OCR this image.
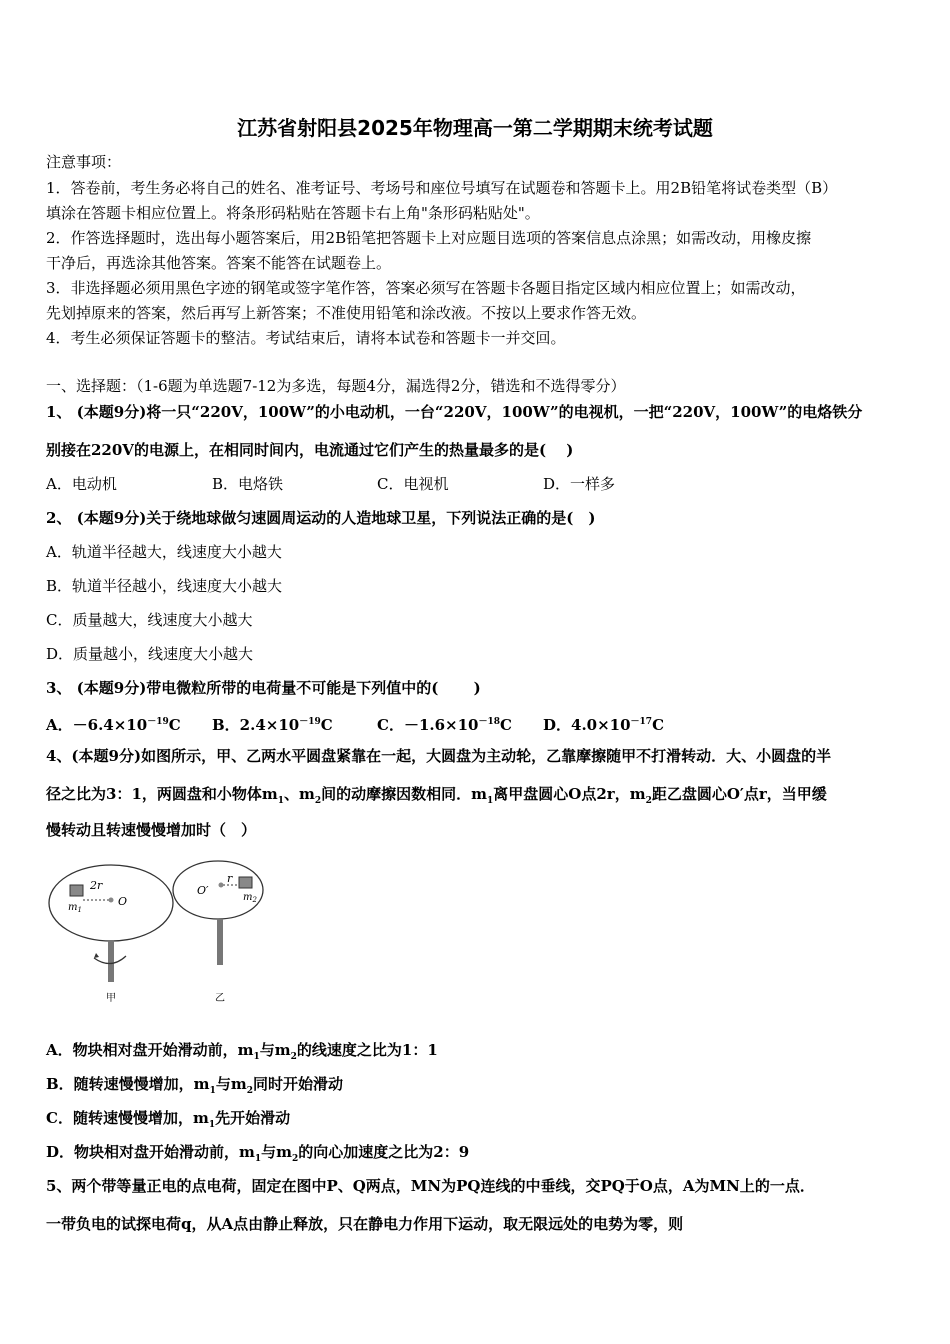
江苏省射阳县2025年物理高一第二学期期末统考试题
注意事项：
1．答卷前，考生务必将自己的姓名、准考证号、考场号和座位号填写在试题卷和答题卡上。用2B铅笔将试卷类型（B）
填涂在答题卡相应位置上。将条形码粘贴在答题卡右上角"条形码粘贴处"。
2．作答选择题时，选出每小题答案后，用2B铅笔把答题卡上对应题目选项的答案信息点涂黑；如需改动，用橡皮擦
干净后，再选涂其他答案。答案不能答在试题卷上。
3．非选择题必须用黑色字迹的钢笔或签字笔作答，答案必须写在答题卡各题目指定区域内相应位置上；如需改动，
先划掉原来的答案，然后再写上新答案；不准使用铅笔和涂改液。不按以上要求作答无效。
4．考生必须保证答题卡的整洁。考试结束后，请将本试卷和答题卡一并交回。
一、选择题：（1-6题为单选题7-12为多选，每题4分，漏选得2分，错选和不选得零分）
1、 (本题9分)将一只“220V，100W”的小电动机，一台“220V，100W”的电视机，一把“220V，100W”的电烙铁分
别接在220V的电源上，在相同时间内，电流通过它们产生的热量最多的是(　 )
A．电动机	B．电烙铁	C．电视机	D．一样多
2、 (本题9分)关于绕地球做匀速圆周运动的人造地球卫星，下列说法正确的是(　)
A．轨道半径越大，线速度大小越大
B．轨道半径越小，线速度大小越大
C．质量越大，线速度大小越大
D．质量越小，线速度大小越大
3、 (本题9分)带电微粒所带的电荷量不可能是下列值中的(　　 )
A．$-6.4\times 10^{-19}C$ B．$2.4\times 10^{-19}C$	C．$-1.6\times 10^{-18}C$ D．$4.0\times 10^{-17}C$
4、(本题9分)如图所示，甲、乙两水平圆盘紧靠在一起，大圆盘为主动轮，乙靠摩擦随甲不打滑转动．大、小圆盘的半
径之比为3：1，两圆盘和小物体$m_1$、$m_2$间的动摩擦因数相同．$m_1$离甲盘圆心O点2r，$m_2$距乙盘圆心O′点r，当甲缓
慢转动且转速慢慢增加时（　）
2r
$m_1$
O
O′
r
$m_2$
甲	乙
A．物块相对盘开始滑动前，$m_1$与$m_2$的线速度之比为1：1
B．随转速慢慢增加，$m_1$与$m_2$同时开始滑动
C．随转速慢慢增加，$m_1$先开始滑动
D．物块相对盘开始滑动前，$m_1$与$m_2$的向心加速度之比为2：9
5、两个带等量正电的点电荷，固定在图中P、Q两点，MN为PQ连线的中垂线，交PQ于O点，A为MN上的一点．
一带负电的试探电荷q，从A点由静止释放，只在静电力作用下运动，取无限远处的电势为零，则
